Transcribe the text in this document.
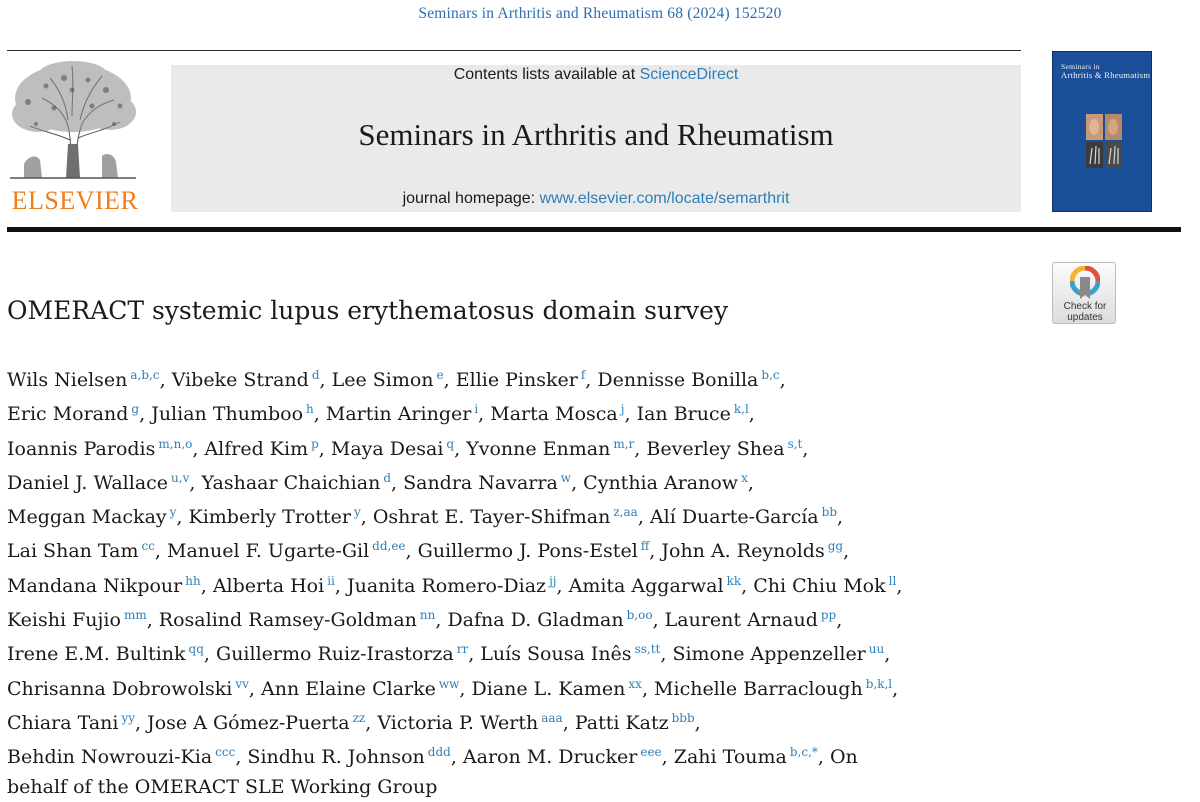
Seminars in Arthritis and Rheumatism 68 (2024) 152520
ELSEVIER
Contents lists available at ScienceDirect
Seminars in Arthritis and Rheumatism
journal homepage: www.elsevier.com/locate/semarthrit
Seminars in
Arthritis & Rheumatism
Check for
updates
OMERACT systemic lupus erythematosus domain survey
Wils Nielsen $^{a,b,c}$, Vibeke Strand $^d$, Lee Simon $^e$, Ellie Pinsker $^f$, Dennisse Bonilla $^{b,c}$,
Eric Morand $^g$, Julian Thumboo $^h$, Martin Aringer $^i$, Marta Mosca $^j$, Ian Bruce $^{k,l}$,
Ioannis Parodis $^{m,n,o}$, Alfred Kim $^p$, Maya Desai $^q$, Yvonne Enman $^{m,r}$, Beverley Shea $^{s,t}$,
Daniel J. Wallace $^{u,v}$, Yashaar Chaichian $^d$, Sandra Navarra $^w$, Cynthia Aranow $^x$,
Meggan Mackay $^y$, Kimberly Trotter $^y$, Oshrat E. Tayer-Shifman $^{z,aa}$, Alí Duarte-García $^{bb}$,
Lai Shan Tam $^{cc}$, Manuel F. Ugarte-Gil $^{dd,ee}$, Guillermo J. Pons-Estel $^{ff}$, John A. Reynolds $^{gg}$,
Mandana Nikpour $^{hh}$, Alberta Hoi $^{ii}$, Juanita Romero-Diaz $^{jj}$, Amita Aggarwal $^{kk}$, Chi Chiu Mok $^{ll}$,
Keishi Fujio $^{mm}$, Rosalind Ramsey-Goldman $^{nn}$, Dafna D. Gladman $^{b,oo}$, Laurent Arnaud $^{pp}$,
Irene E.M. Bultink $^{qq}$, Guillermo Ruiz-Irastorza $^{rr}$, Luís Sousa Inês $^{ss,tt}$, Simone Appenzeller $^{uu}$,
Chrisanna Dobrowolski $^{vv}$, Ann Elaine Clarke $^{ww}$, Diane L. Kamen $^{xx}$, Michelle Barraclough $^{b,k,l}$,
Chiara Tani $^{yy}$, Jose A Gómez-Puerta $^{zz}$, Victoria P. Werth $^{aaa}$, Patti Katz $^{bbb}$,
Behdin Nowrouzi-Kia $^{ccc}$, Sindhu R. Johnson $^{ddd}$, Aaron M. Drucker $^{eee}$, Zahi Touma $^{b,c,*}$, On
behalf of the OMERACT SLE Working Group
